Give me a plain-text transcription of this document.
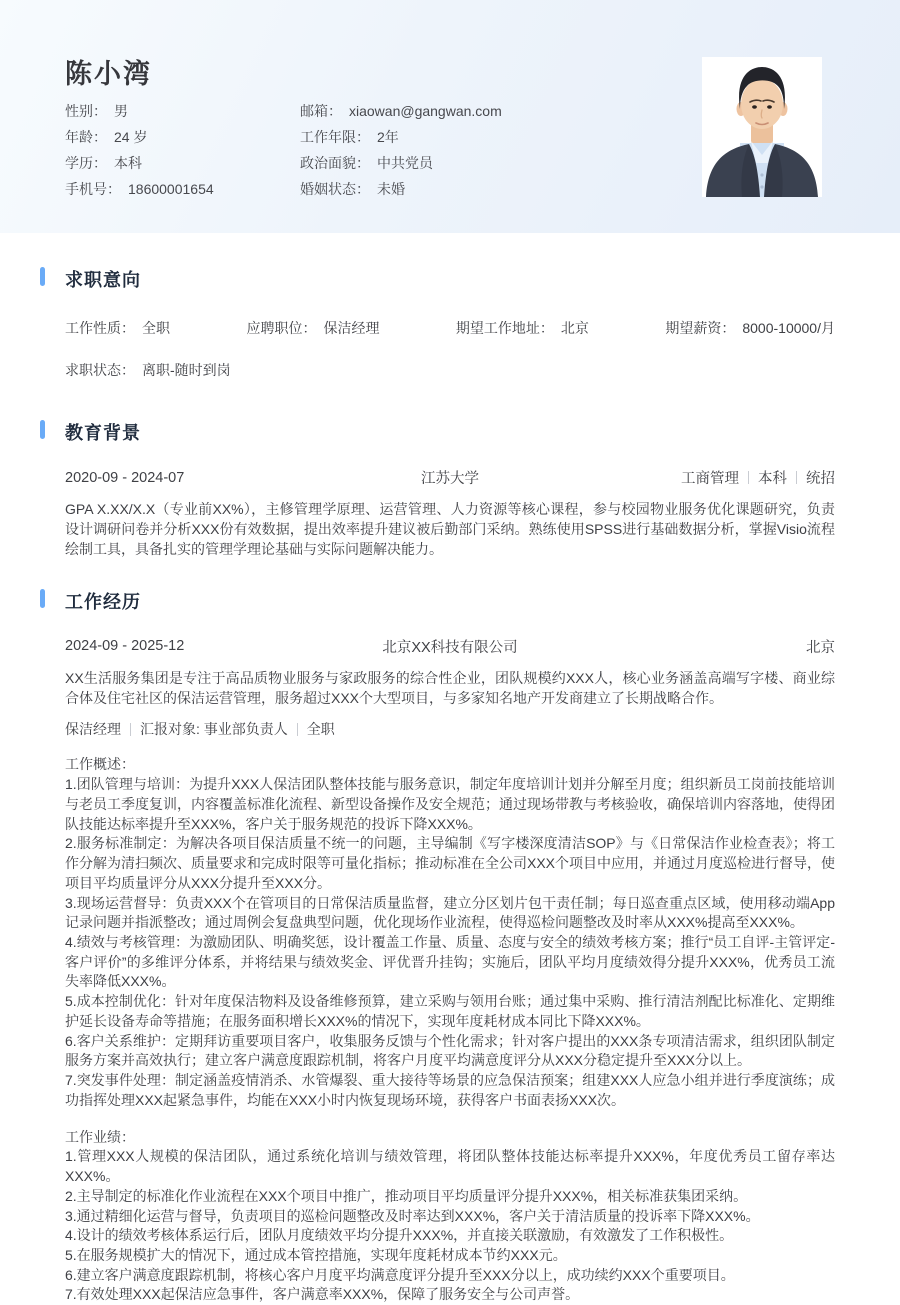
陈小湾
性别： 男	邮箱： xiaowan@gangwan.com
年龄： 24 岁	工作年限： 2年
学历： 本科	政治面貌： 中共党员
手机号： 18600001654	婚姻状态： 未婚
求职意向
工作性质： 全职	应聘职位： 保洁经理	期望工作地址： 北京	期望薪资： 8000-10000/月
求职状态： 离职-随时到岗
教育背景
2020-09 - 2024-07	江苏大学	工商管理 本科 统招
GPA X.XX/X.X（专业前XX%），主修管理学原理、运营管理、人力资源等核心课程，参与校园物业服务优化课题研究，负责设计调研问卷并分析XXX份有效数据，提出效率提升建议被后勤部门采纳。熟练使用SPSS进行基础数据分析，掌握Visio流程绘制工具，具备扎实的管理学理论基础与实际问题解决能力。
工作经历
2024-09 - 2025-12	北京XX科技有限公司	北京
XX生活服务集团是专注于高品质物业服务与家政服务的综合性企业，团队规模约XXX人，核心业务涵盖高端写字楼、商业综合体及住宅社区的保洁运营管理，服务超过XXX个大型项目，与多家知名地产开发商建立了长期战略合作。
保洁经理 汇报对象: 事业部负责人 全职
工作概述：
1.团队管理与培训：为提升XXX人保洁团队整体技能与服务意识，制定年度培训计划并分解至月度；组织新员工岗前技能培训与老员工季度复训，内容覆盖标准化流程、新型设备操作及安全规范；通过现场带教与考核验收，确保培训内容落地，使得团队技能达标率提升至XXX%，客户关于服务规范的投诉下降XXX%。
2.服务标准制定：为解决各项目保洁质量不统一的问题，主导编制《写字楼深度清洁SOP》与《日常保洁作业检查表》；将工作分解为清扫频次、质量要求和完成时限等可量化指标；推动标准在全公司XXX个项目中应用，并通过月度巡检进行督导，使项目平均质量评分从XXX分提升至XXX分。
3.现场运营督导：负责XXX个在管项目的日常保洁质量监督，建立分区划片包干责任制；每日巡查重点区域，使用移动端App记录问题并指派整改；通过周例会复盘典型问题，优化现场作业流程，使得巡检问题整改及时率从XXX%提高至XXX%。
4.绩效与考核管理：为激励团队、明确奖惩，设计覆盖工作量、质量、态度与安全的绩效考核方案；推行“员工自评-主管评定-客户评价”的多维评分体系，并将结果与绩效奖金、评优晋升挂钩；实施后，团队平均月度绩效得分提升XXX%，优秀员工流失率降低XXX%。
5.成本控制优化：针对年度保洁物料及设备维修预算，建立采购与领用台账；通过集中采购、推行清洁剂配比标准化、定期维护延长设备寿命等措施；在服务面积增长XXX%的情况下，实现年度耗材成本同比下降XXX%。
6.客户关系维护：定期拜访重要项目客户，收集服务反馈与个性化需求；针对客户提出的XXX条专项清洁需求，组织团队制定服务方案并高效执行；建立客户满意度跟踪机制，将客户月度平均满意度评分从XXX分稳定提升至XXX分以上。
7.突发事件处理：制定涵盖疫情消杀、水管爆裂、重大接待等场景的应急保洁预案；组建XXX人应急小组并进行季度演练；成功指挥处理XXX起紧急事件，均能在XXX小时内恢复现场环境，获得客户书面表扬XXX次。
工作业绩：
1.管理XXX人规模的保洁团队，通过系统化培训与绩效管理，将团队整体技能达标率提升XXX%，年度优秀员工留存率达XXX%。
2.主导制定的标准化作业流程在XXX个项目中推广，推动项目平均质量评分提升XXX%，相关标准获集团采纳。
3.通过精细化运营与督导，负责项目的巡检问题整改及时率达到XXX%，客户关于清洁质量的投诉率下降XXX%。
4.设计的绩效考核体系运行后，团队月度绩效平均分提升XXX%，并直接关联激励，有效激发了工作积极性。
5.在服务规模扩大的情况下，通过成本管控措施，实现年度耗材成本节约XXX元。
6.建立客户满意度跟踪机制，将核心客户月度平均满意度评分提升至XXX分以上，成功续约XXX个重要项目。
7.有效处理XXX起保洁应急事件，客户满意率XXX%，保障了服务安全与公司声誉。
